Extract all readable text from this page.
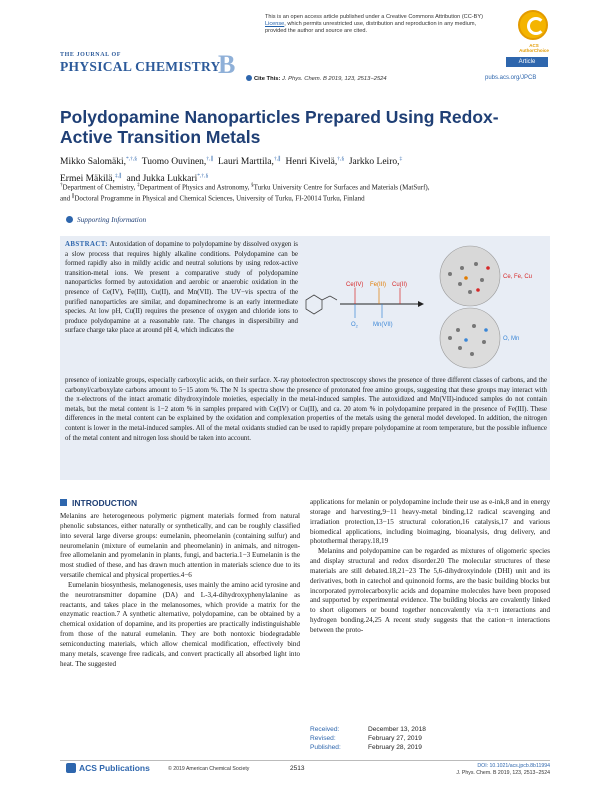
This is an open access article published under a Creative Commons Attribution (CC-BY)
License, which permits unrestricted use, distribution and reproduction in any medium,
provided the author and source are cited.
ACS AuthorChoice
THE JOURNAL OF
PHYSICAL CHEMISTRY
B	Article
Cite This: J. Phys. Chem. B 2019, 123, 2513−2524	pubs.acs.org/JPCB
Polydopamine Nanoparticles Prepared Using Redox-Active Transition Metals
Mikko Salomäki,*,†,§ Tuomo Ouvinen,†,∥ Lauri Marttila,†,∥ Henri Kivelä,†,§ Jarkko Leiro,‡
Ermei Mäkilä,‡,∥ and Jukka Lukkari*,†,§
†Department of Chemistry, ‡Department of Physics and Astronomy, §Turku University Centre for Surfaces and Materials (MatSurf),
and ∥Doctoral Programme in Physical and Chemical Sciences, University of Turku, FI-20014 Turku, Finland
Supporting Information
ABSTRACT: Autoxidation of dopamine to polydopamine by dissolved oxygen is a slow process that requires highly alkaline conditions. Polydopamine can be formed rapidly also in mildly acidic and neutral solutions by using redox-active transition-metal ions. We present a comparative study of polydopamine nanoparticles formed by autoxidation and aerobic or anaerobic oxidation in the presence of Ce(IV), Fe(III), Cu(II), and Mn(VII). The UV−vis spectra of the purified nanoparticles are similar, and dopaminechrome is an early intermediate species. At low pH, Cu(II) requires the presence of oxygen and chloride ions to produce polydopamine at a reasonable rate. The changes in dispersibility and surface charge take place at around pH 4, which indicates the
presence of ionizable groups, especially carboxylic acids, on their surface. X-ray photoelectron spectroscopy shows the presence of three different classes of carbons, and the carbonyl/carboxylate carbons amount to 5−15 atom %. The N 1s spectra show the presence of protonated free amino groups, suggesting that these groups may interact with the π-electrons of the intact aromatic dihydroxyindole moieties, especially in the metal-induced samples. The autoxidized and Mn(VII)-induced samples do not contain metals, but the metal content is 1−2 atom % in samples prepared with Ce(IV) or Cu(II), and ca. 20 atom % in polydopamine prepared in the presence of Fe(III). These differences in the metal content can be explained by the oxidation and complexation properties of the metals using the general model developed. In addition, the nitrogen content is lower in the metal-induced samples. All of the metal oxidants studied can be used to rapidly prepare polydopamine at room temperature, but the possible influence of the metal content and nitrogen loss should be taken into account.
Ce(IV) Fe(III) Cu(II)
$O_2$	Mn(VII)
Ce, Fe, Cu
O, Mn
INTRODUCTION

Melanins are heterogeneous polymeric pigment materials formed from natural phenolic substances, either naturally or synthetically, and can be roughly classified into several large diverse groups: eumelanin, pheomelanin (containing sulfur) and neuromelanin (mixture of eumelanin and pheomelanin) in animals, and nitrogen-free allomelanin and pyomelanin in plants, fungi, and bacteria.1−3 Eumelanin is the most studied of these, and has drawn much attention in materials science due to its versatile chemical and physical properties.4−6

Eumelanin biosynthesis, melanogenesis, uses mainly the amino acid tyrosine and the neurotransmitter dopamine (DA) and L-3,4-dihydroxyphenylalanine as reactants, and takes place in the melanosomes, which provide a matrix for the enzymatic reaction.7 A synthetic alternative, polydopamine, can be obtained by a chemical oxidation of dopamine, and its properties are practically indistinguishable from those of the natural eumelanin. They are both nontoxic biodegradable semiconducting materials, which allow chemical modification, effectively bind many metals, scavenge free radicals, and convert practically all absorbed light into heat. The suggested

applications for melanin or polydopamine include their use as e-ink,8 and in energy storage and harvesting,9−11 heavy-metal binding,12 radical scavenging and irradiation protection,13−15 structural coloration,16 catalysis,17 and various biomedical applications, including bioimaging, bioanalysis, drug delivery, and photothermal therapy.18,19

Melanins and polydopamine can be regarded as mixtures of oligomeric species and display structural and redox disorder.20 The molecular structures of these materials are still debated.18,21−23 The 5,6-dihydroxyindole (DHI) unit and its derivatives, both in catechol and quinonoid forms, are the basic building blocks but incorporated pyrrolecarboxylic acids and dopamine molecules have been proposed and supported by experimental evidence. The building blocks are covalently linked to short oligomers or bound together noncovalently via π−π interactions and hydrogen bonding.24,25 A recent study suggests that the cation−π interactions between the proto-

Received:	December 13, 2018
Revised:	February 27, 2019
Published:	February 28, 2019
ACS Publications	© 2019 American Chemical Society	2513	DOI: 10.1021/acs.jpcb.8b11994
J. Phys. Chem. B 2019, 123, 2513−2524
